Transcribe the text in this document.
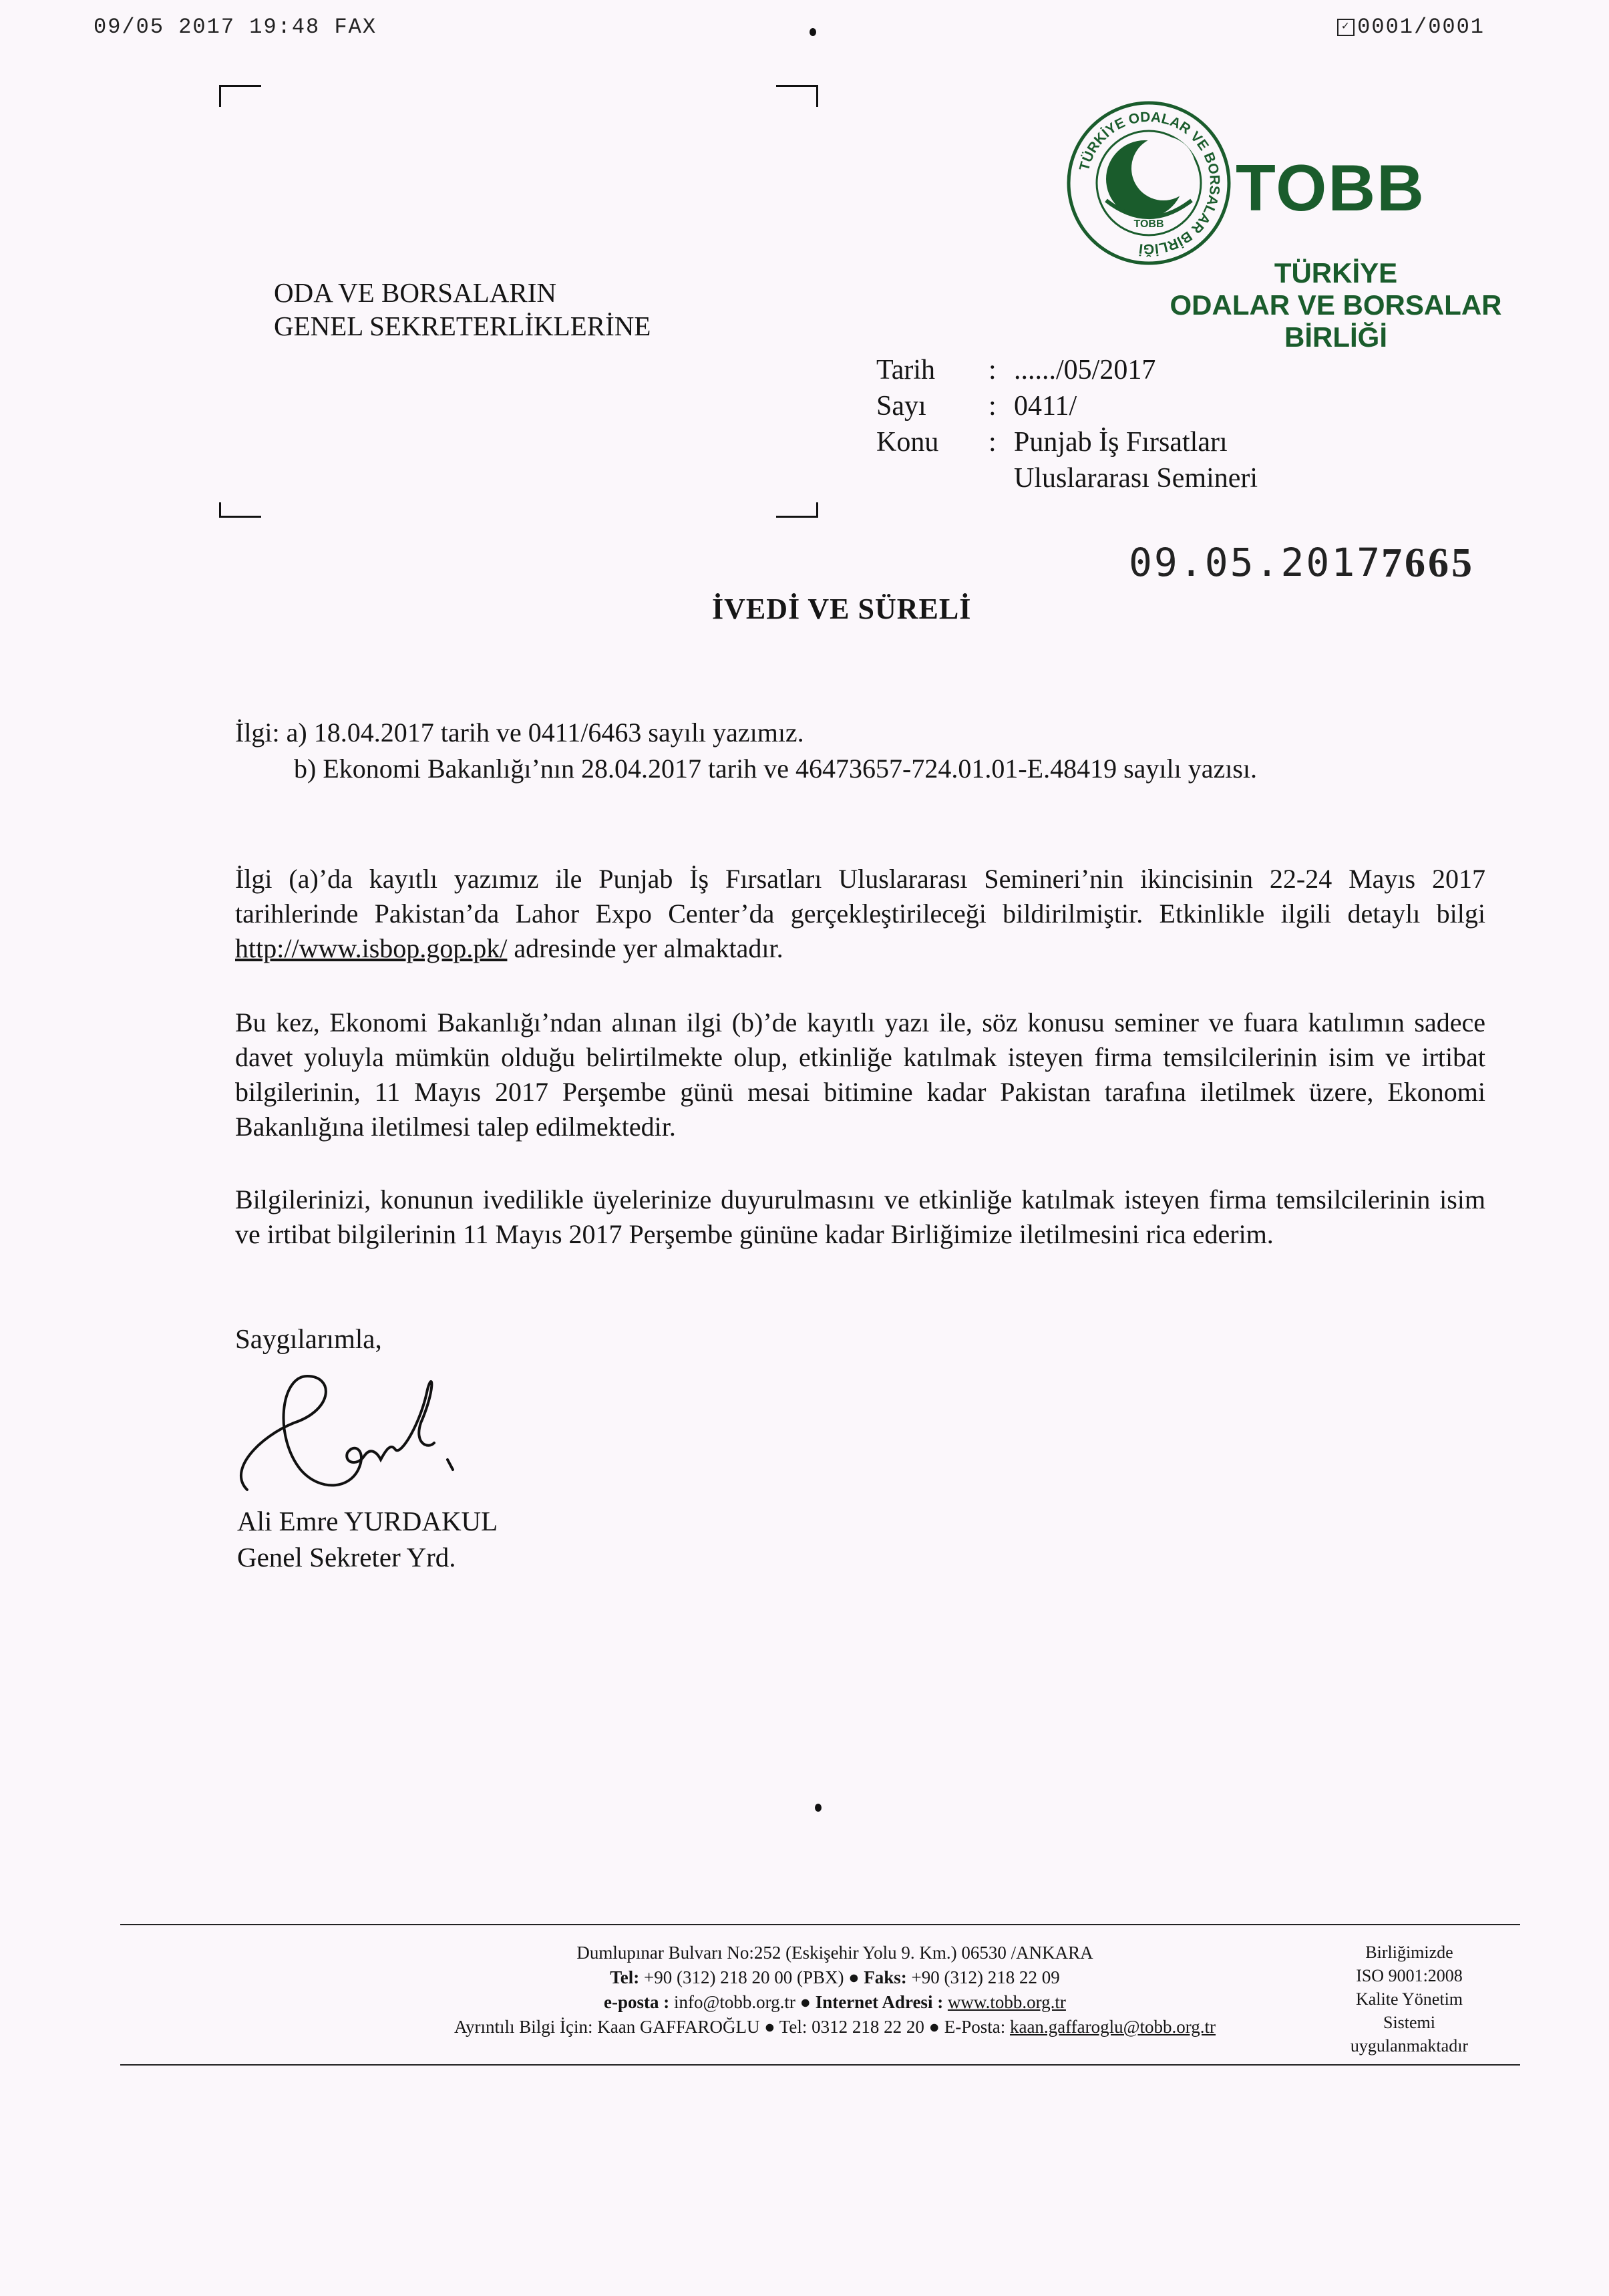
09/05 2017 19:48 FAX	✓ 0001/0001
ODA VE BORSALARIN
GENEL SEKRETERLİKLERİNE
TÜRKİYE ODALAR VE BORSALAR BİRLİĞİ
TOBB TOBB
TÜRKİYE
ODALAR VE BORSALAR
BİRLİĞİ
Tarih	: ....../05/2017
Sayı	: 0411/
Konu	: Punjab İş Fırsatları
Uluslararası Semineri
09.05.2017
7665
İVEDİ VE SÜRELİ
İlgi: a) 18.04.2017 tarih ve 0411/6463 sayılı yazımız.
b) Ekonomi Bakanlığı’nın 28.04.2017 tarih ve 46473657-724.01.01-E.48419 sayılı yazısı.
İlgi (a)’da kayıtlı yazımız ile Punjab İş Fırsatları Uluslararası Semineri’nin ikincisinin 22-24 Mayıs 2017 tarihlerinde Pakistan’da Lahor Expo Center’da gerçekleştirileceği bildirilmiştir. Etkinlikle ilgili detaylı bilgi http://www.isbop.gop.pk/ adresinde yer almaktadır.
Bu kez, Ekonomi Bakanlığı’ndan alınan ilgi (b)’de kayıtlı yazı ile, söz konusu seminer ve fuara katılımın sadece davet yoluyla mümkün olduğu belirtilmekte olup, etkinliğe katılmak isteyen firma temsilcilerinin isim ve irtibat bilgilerinin, 11 Mayıs 2017 Perşembe günü mesai bitimine kadar Pakistan tarafına iletilmek üzere, Ekonomi Bakanlığına iletilmesi talep edilmektedir.
Bilgilerinizi, konunun ivedilikle üyelerinize duyurulmasını ve etkinliğe katılmak isteyen firma temsilcilerinin isim ve irtibat bilgilerinin 11 Mayıs 2017 Perşembe gününe kadar Birliğimize iletilmesini rica ederim.
Saygılarımla,
Ali Emre YURDAKUL
Genel Sekreter Yrd.
Dumlupınar Bulvarı No:252 (Eskişehir Yolu 9. Km.) 06530 /ANKARA
Tel: +90 (312) 218 20 00 (PBX) ● Faks: +90 (312) 218 22 09
e-posta : info@tobb.org.tr ● Internet Adresi : www.tobb.org.tr
Ayrıntılı Bilgi İçin: Kaan GAFFAROĞLU ● Tel: 0312 218 22 20 ● E-Posta: kaan.gaffaroglu@tobb.org.tr
Birliğimizde
ISO 9001:2008
Kalite Yönetim
Sistemi
uygulanmaktadır
